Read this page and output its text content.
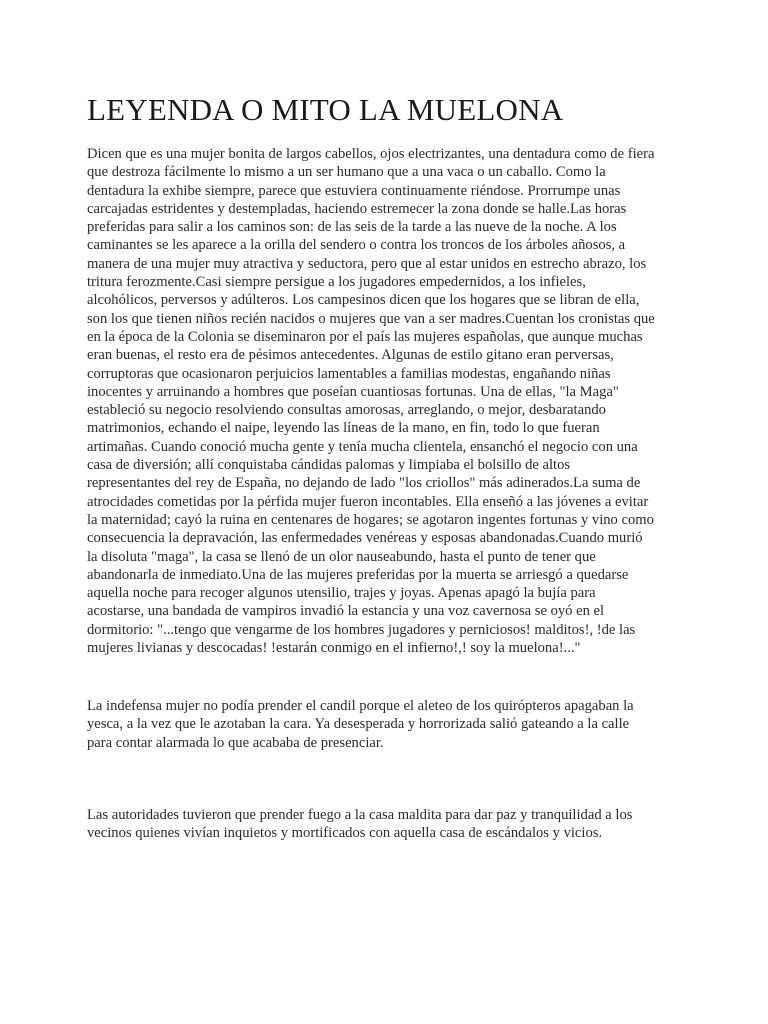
LEYENDA O MITO LA MUELONA

Dicen que es una mujer bonita de largos cabellos, ojos electrizantes, una dentadura como de fiera
que destroza fácilmente lo mismo a un ser humano que a una vaca o un caballo. Como la
dentadura la exhibe siempre, parece que estuviera continuamente riéndose. Prorrumpe unas
carcajadas estridentes y destempladas, haciendo estremecer la zona donde se halle.Las horas
preferidas para salir a los caminos son: de las seis de la tarde a las nueve de la noche. A los
caminantes se les aparece a la orilla del sendero o contra los troncos de los árboles añosos, a
manera de una mujer muy atractiva y seductora, pero que al estar unidos en estrecho abrazo, los
tritura ferozmente.Casi siempre persigue a los jugadores empedernidos, a los infieles,
alcohólicos, perversos y adúlteros. Los campesinos dicen que los hogares que se libran de ella,
son los que tienen niños recién nacidos o mujeres que van a ser madres.Cuentan los cronistas que
en la época de la Colonia se diseminaron por el país las mujeres españolas, que aunque muchas
eran buenas, el resto era de pésimos antecedentes. Algunas de estilo gitano eran perversas,
corruptoras que ocasionaron perjuicios lamentables a familias modestas, engañando niñas
inocentes y arruinando a hombres que poseían cuantiosas fortunas. Una de ellas, "la Maga"
estableció su negocio resolviendo consultas amorosas, arreglando, o mejor, desbaratando
matrimonios, echando el naipe, leyendo las líneas de la mano, en fin, todo lo que fueran
artimañas. Cuando conoció mucha gente y tenía mucha clientela, ensanchó el negocio con una
casa de diversión; allí conquistaba cándidas palomas y limpiaba el bolsillo de altos
representantes del rey de España, no dejando de lado "los criollos" más adinerados.La suma de
atrocidades cometidas por la pérfida mujer fueron incontables. Ella enseñó a las jóvenes a evitar
la maternidad; cayó la ruina en centenares de hogares; se agotaron ingentes fortunas y vino como
consecuencia la depravación, las enfermedades venéreas y esposas abandonadas.Cuando murió
la disoluta "maga", la casa se llenó de un olor nauseabundo, hasta el punto de tener que
abandonarla de inmediato.Una de las mujeres preferidas por la muerta se arriesgó a quedarse
aquella noche para recoger algunos utensilio, trajes y joyas. Apenas apagó la bujía para
acostarse, una bandada de vampiros invadió la estancia y una voz cavernosa se oyó en el
dormitorio: "...tengo que vengarme de los hombres jugadores y perniciosos! malditos!, !de las
mujeres livianas y descocadas! !estarán conmigo en el infierno!,! soy la muelona!..."

La indefensa mujer no podía prender el candil porque el aleteo de los quirópteros apagaban la
yesca, a la vez que le azotaban la cara. Ya desesperada y horrorizada salió gateando a la calle
para contar alarmada lo que acababa de presenciar.

Las autoridades tuvieron que prender fuego a la casa maldita para dar paz y tranquilidad a los
vecinos quienes vivían inquietos y mortificados con aquella casa de escándalos y vicios.
